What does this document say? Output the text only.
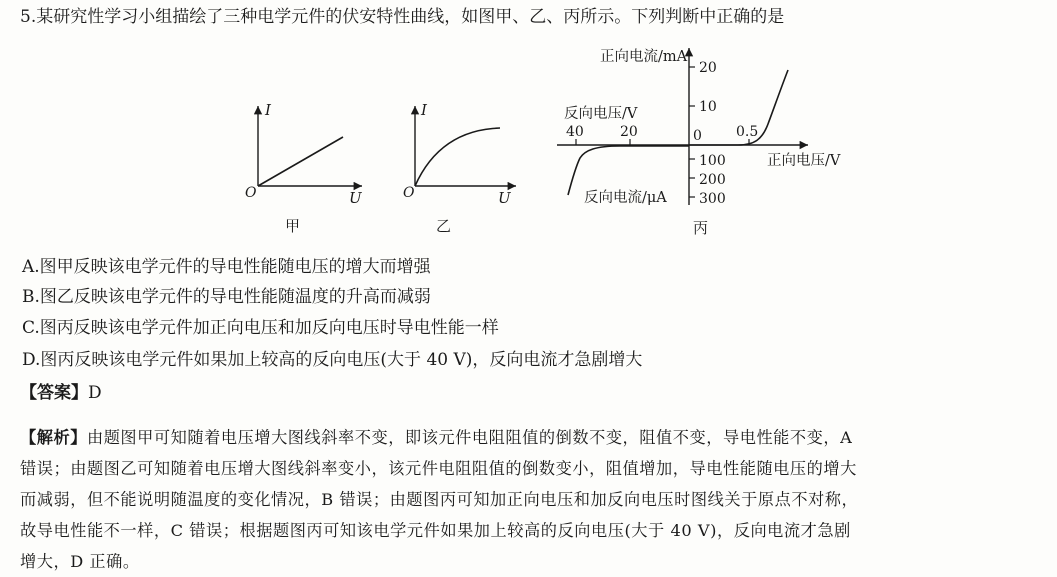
5.某研究性学习小组描绘了三种电学元件的伏安特性曲线，如图甲、乙、丙所示。下列判断中正确的是
I
U
O
甲
I
U
O
乙
正向电流/mA
反向电流/μA
正向电压/V
反向电压/V
0
20
10
100
200
300
40	20	0.5
丙
A.图甲反映该电学元件的导电性能随电压的增大而增强
B.图乙反映该电学元件的导电性能随温度的升高而减弱
C.图丙反映该电学元件加正向电压和加反向电压时导电性能一样
D.图丙反映该电学元件如果加上较高的反向电压(大于 40 V)，反向电流才急剧增大
【答案】D

【解析】由题图甲可知随着电压增大图线斜率不变，即该元件电阻阻值的倒数不变，阻值不变，导电性能不变，A

错误；由题图乙可知随着电压增大图线斜率变小，该元件电阻阻值的倒数变小，阻值增加，导电性能随电压的增大

而减弱，但不能说明随温度的变化情况，B 错误；由题图丙可知加正向电压和加反向电压时图线关于原点不对称，

故导电性能不一样，C 错误；根据题图丙可知该电学元件如果加上较高的反向电压(大于 40 V)，反向电流才急剧

增大，D 正确。
